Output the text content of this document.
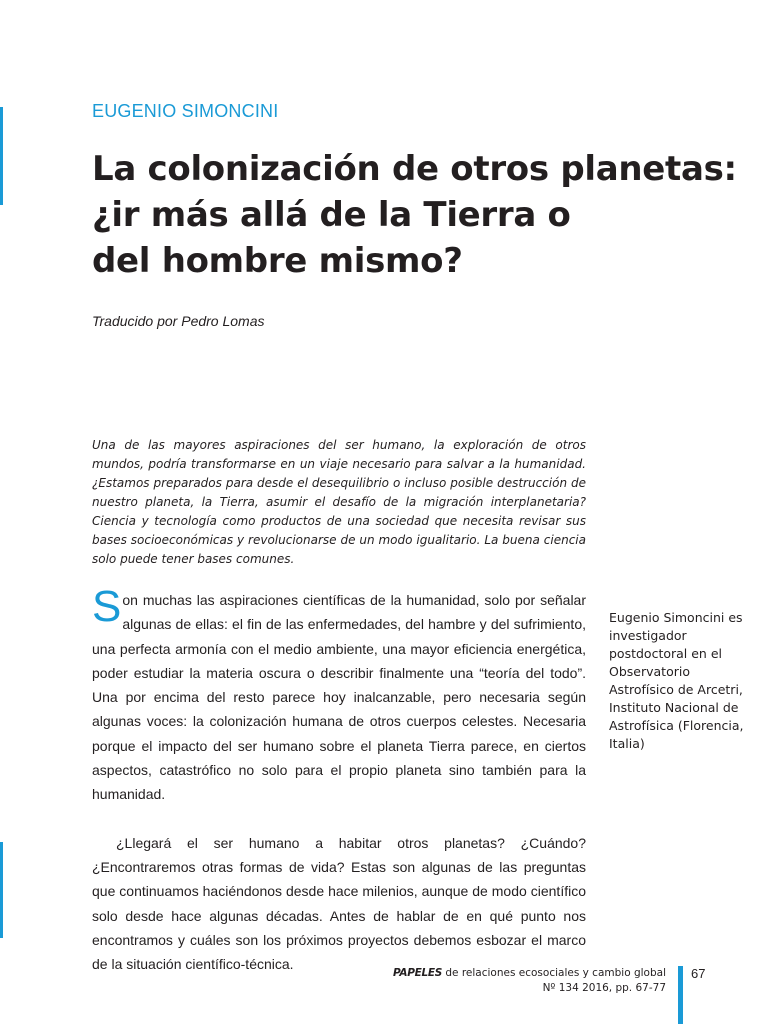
EUGENIO SIMONCINI
La colonización de otros planetas:
¿ir más allá de la Tierra o
del hombre mismo?
Traducido por Pedro Lomas

Una de las mayores aspiraciones del ser humano, la exploración de otros mundos, podría transformarse en un viaje necesario para salvar a la humanidad. ¿Estamos preparados para desde el desequilibrio o incluso posible destrucción de nuestro planeta, la Tierra, asumir el desafío de la migración interplanetaria? Ciencia y tecnología como productos de una sociedad que necesita revisar sus bases socioeconómicas y revolucionarse de un modo igualitario. La buena ciencia solo puede tener bases comunes.

Son muchas las aspiraciones científicas de la humanidad, solo por señalar algunas de ellas: el fin de las enfermedades, del hambre y del sufrimiento, una perfecta armonía con el medio ambiente, una mayor eficiencia energética, poder estudiar la materia oscura o describir finalmente una “teoría del todo”. Una por encima del resto parece hoy inalcanzable, pero necesaria según algunas voces: la colonización humana de otros cuerpos celestes. Necesaria porque el impacto del ser humano sobre el planeta Tierra parece, en ciertos aspectos, catastrófico no solo para el propio planeta sino también para la humanidad.

¿Llegará el ser humano a habitar otros planetas? ¿Cuándo? ¿Encontraremos otras formas de vida? Estas son algunas de las preguntas que continuamos haciéndonos desde hace milenios, aunque de modo científico solo desde hace algunas décadas. Antes de hablar de en qué punto nos encontramos y cuáles son los próximos proyectos debemos esbozar el marco de la situación científico-técnica.

Eugenio Simoncini es investigador postdoctoral en el Observatorio Astrofísico de Arcetri, Instituto Nacional de Astrofísica (Florencia, Italia)
PAPELES de relaciones ecosociales y cambio global
Nº 134 2016, pp. 67-77
67
